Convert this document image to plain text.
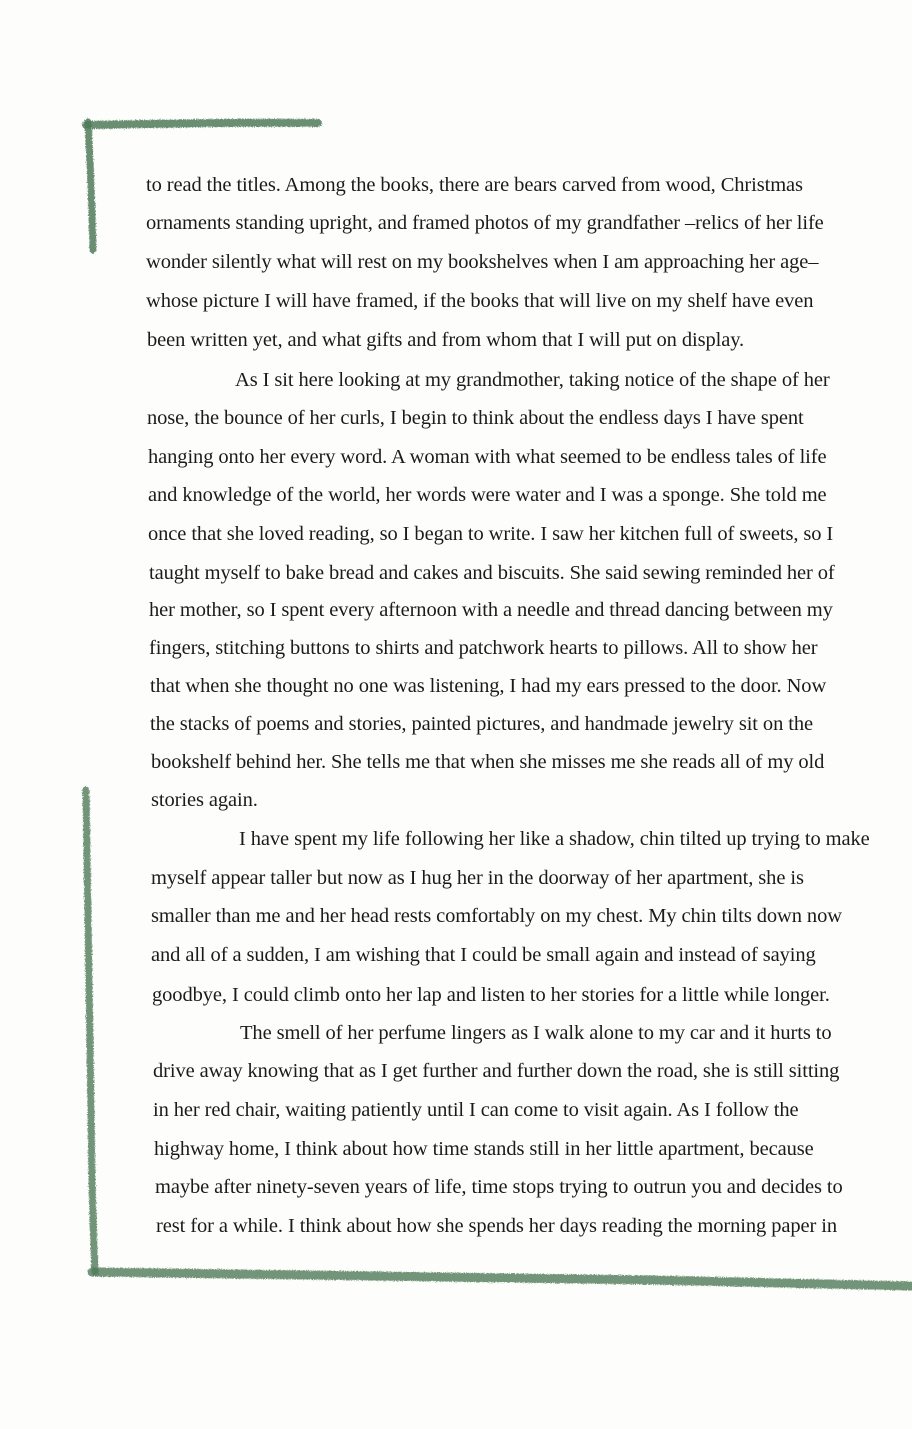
to read the titles. Among the books, there are bears carved from wood, Christmas
ornaments standing upright, and framed photos of my grandfather –relics of her life
wonder silently what will rest on my bookshelves when I am approaching her age–
whose picture I will have framed, if the books that will live on my shelf have even
been written yet, and what gifts and from whom that I will put on display.
As I sit here looking at my grandmother, taking notice of the shape of her
nose, the bounce of her curls, I begin to think about the endless days I have spent
hanging onto her every word. A woman with what seemed to be endless tales of life
and knowledge of the world, her words were water and I was a sponge. She told me
once that she loved reading, so I began to write. I saw her kitchen full of sweets, so I
taught myself to bake bread and cakes and biscuits. She said sewing reminded her of
her mother, so I spent every afternoon with a needle and thread dancing between my
fingers, stitching buttons to shirts and patchwork hearts to pillows. All to show her
that when she thought no one was listening, I had my ears pressed to the door. Now
the stacks of poems and stories, painted pictures, and handmade jewelry sit on the
bookshelf behind her. She tells me that when she misses me she reads all of my old
stories again.
I have spent my life following her like a shadow, chin tilted up trying to make
myself appear taller but now as I hug her in the doorway of her apartment, she is
smaller than me and her head rests comfortably on my chest. My chin tilts down now
and all of a sudden, I am wishing that I could be small again and instead of saying
goodbye, I could climb onto her lap and listen to her stories for a little while longer.
The smell of her perfume lingers as I walk alone to my car and it hurts to
drive away knowing that as I get further and further down the road, she is still sitting
in her red chair, waiting patiently until I can come to visit again. As I follow the
highway home, I think about how time stands still in her little apartment, because
maybe after ninety-seven years of life, time stops trying to outrun you and decides to
rest for a while. I think about how she spends her days reading the morning paper in
